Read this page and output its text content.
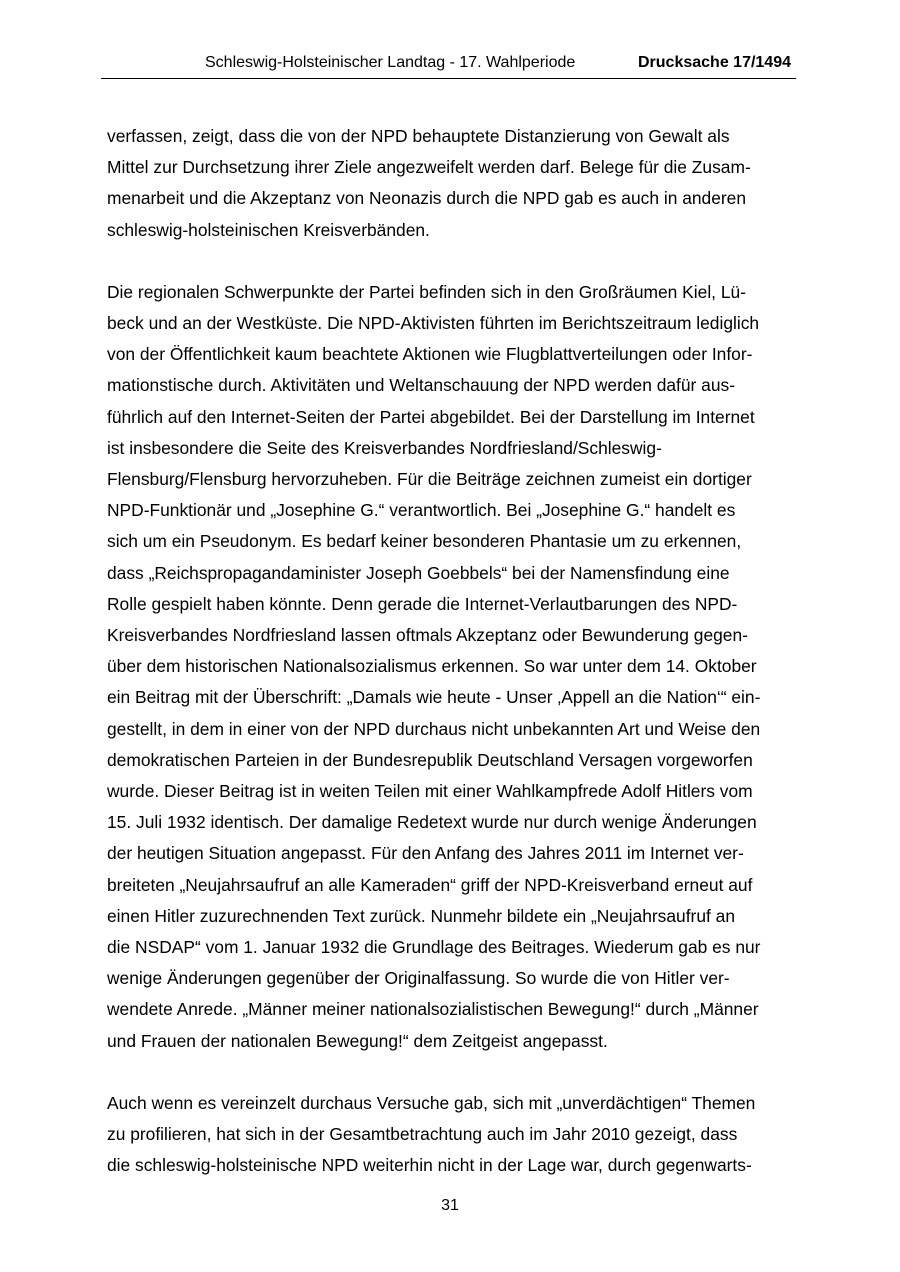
Schleswig-Holsteinischer Landtag - 17. Wahlperiode	Drucksache 17/1494

verfassen, zeigt, dass die von der NPD behauptete Distanzierung von Gewalt als
Mittel zur Durchsetzung ihrer Ziele angezweifelt werden darf. Belege für die Zusam-
menarbeit und die Akzeptanz von Neonazis durch die NPD gab es auch in anderen
schleswig-holsteinischen Kreisverbänden.

Die regionalen Schwerpunkte der Partei befinden sich in den Großräumen Kiel, Lü-
beck und an der Westküste. Die NPD-Aktivisten führten im Berichtszeitraum lediglich
von der Öffentlichkeit kaum beachtete Aktionen wie Flugblattverteilungen oder Infor-
mationstische durch. Aktivitäten und Weltanschauung der NPD werden dafür aus-
führlich auf den Internet-Seiten der Partei abgebildet. Bei der Darstellung im Internet
ist insbesondere die Seite des Kreisverbandes Nordfriesland/Schleswig-
Flensburg/Flensburg hervorzuheben. Für die Beiträge zeichnen zumeist ein dortiger
NPD-Funktionär und „Josephine G.“ verantwortlich. Bei „Josephine G.“ handelt es
sich um ein Pseudonym. Es bedarf keiner besonderen Phantasie um zu erkennen,
dass „Reichspropagandaminister Joseph Goebbels“ bei der Namensfindung eine
Rolle gespielt haben könnte. Denn gerade die Internet-Verlautbarungen des NPD-
Kreisverbandes Nordfriesland lassen oftmals Akzeptanz oder Bewunderung gegen-
über dem historischen Nationalsozialismus erkennen. So war unter dem 14. Oktober
ein Beitrag mit der Überschrift: „Damals wie heute - Unser ‚Appell an die Nation‘“ ein-
gestellt, in dem in einer von der NPD durchaus nicht unbekannten Art und Weise den
demokratischen Parteien in der Bundesrepublik Deutschland Versagen vorgeworfen
wurde. Dieser Beitrag ist in weiten Teilen mit einer Wahlkampfrede Adolf Hitlers vom
15. Juli 1932 identisch. Der damalige Redetext wurde nur durch wenige Änderungen
der heutigen Situation angepasst. Für den Anfang des Jahres 2011 im Internet ver-
breiteten „Neujahrsaufruf an alle Kameraden“ griff der NPD-Kreisverband erneut auf
einen Hitler zuzurechnenden Text zurück. Nunmehr bildete ein „Neujahrsaufruf an
die NSDAP“ vom 1. Januar 1932 die Grundlage des Beitrages. Wiederum gab es nur
wenige Änderungen gegenüber der Originalfassung. So wurde die von Hitler ver-
wendete Anrede. „Männer meiner nationalsozialistischen Bewegung!“ durch „Männer
und Frauen der nationalen Bewegung!“ dem Zeitgeist angepasst.

Auch wenn es vereinzelt durchaus Versuche gab, sich mit „unverdächtigen“ Themen
zu profilieren, hat sich in der Gesamtbetrachtung auch im Jahr 2010 gezeigt, dass
die schleswig-holsteinische NPD weiterhin nicht in der Lage war, durch gegenwarts-

31
